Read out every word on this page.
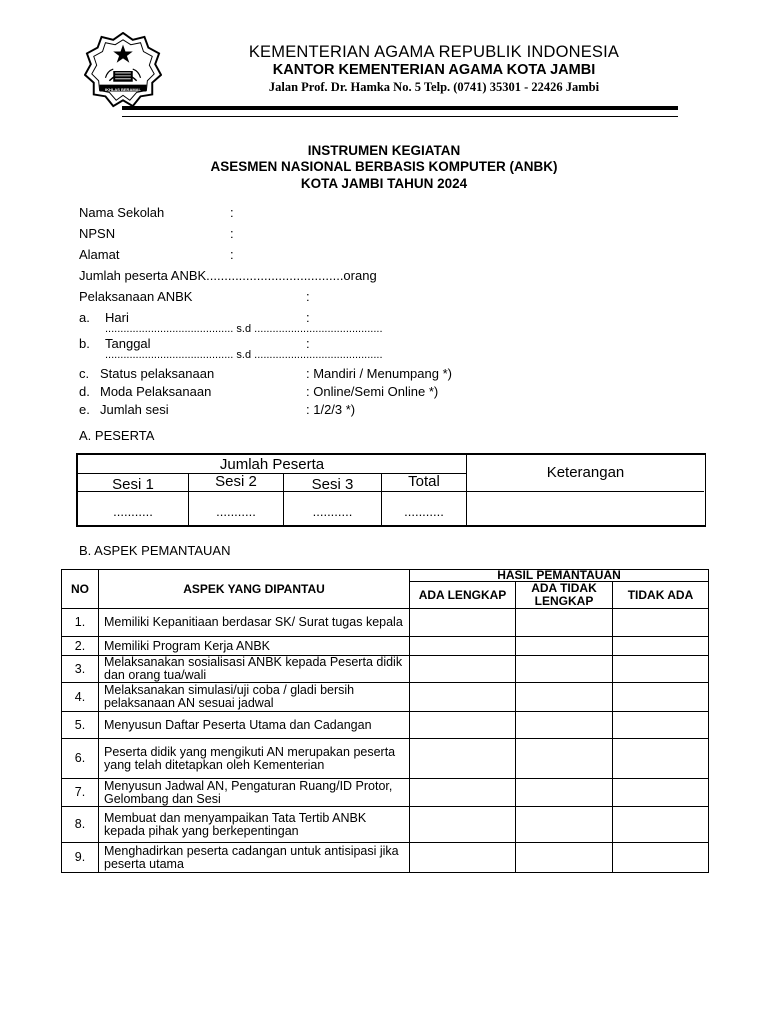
IKHLAS BERAMAL
KEMENTERIAN AGAMA REPUBLIK INDONESIA
KANTOR KEMENTERIAN AGAMA KOTA JAMBI
Jalan Prof. Dr. Hamka No. 5 Telp. (0741) 35301 - 22426 Jambi
INSTRUMEN KEGIATAN
ASESMEN NASIONAL BERBASIS KOMPUTER (ANBK)
KOTA JAMBI TAHUN 2024
Nama Sekolah	:
NPSN	:
Alamat	:
Jumlah peserta ANBK......................................orang
Pelaksanaan ANBK	:
a. Hari	:
.......................................... s.d ..........................................
b. Tanggal	:
.......................................... s.d ..........................................
c. Status pelaksanaan	: Mandiri / Menumpang *)
d. Moda Pelaksanaan	: Online/Semi Online *)
e. Jumlah sesi	: 1/2/3 *)
A. PESERTA
Jumlah Peserta	Keterangan
Sesi 1	Sesi 2	Sesi 3	Total
...........	...........	...........	...........
B. ASPEK PEMANTAUAN
NO	ASPEK YANG DIPANTAU	HASIL PEMANTAUAN		
		ADA LENGKAP	ADA TIDAK LENGKAP	TIDAK ADA
1.	Memiliki Kepanitiaan berdasar SK/ Surat tugas kepala			
2.	Memiliki Program Kerja ANBK			
3.	Melaksanakan sosialisasi ANBK kepada Peserta didik dan orang tua/wali			
4.	Melaksanakan simulasi/uji coba / gladi bersih pelaksanaan AN sesuai jadwal			
5.	Menyusun Daftar Peserta Utama dan Cadangan			
6.	Peserta didik yang mengikuti AN merupakan peserta yang telah ditetapkan oleh Kementerian			
7.	Menyusun Jadwal AN, Pengaturan Ruang/ID Protor, Gelombang dan Sesi			
8.	Membuat dan menyampaikan Tata Tertib ANBK kepada pihak yang berkepentingan			
9.	Menghadirkan peserta cadangan untuk antisipasi jika peserta utama			
